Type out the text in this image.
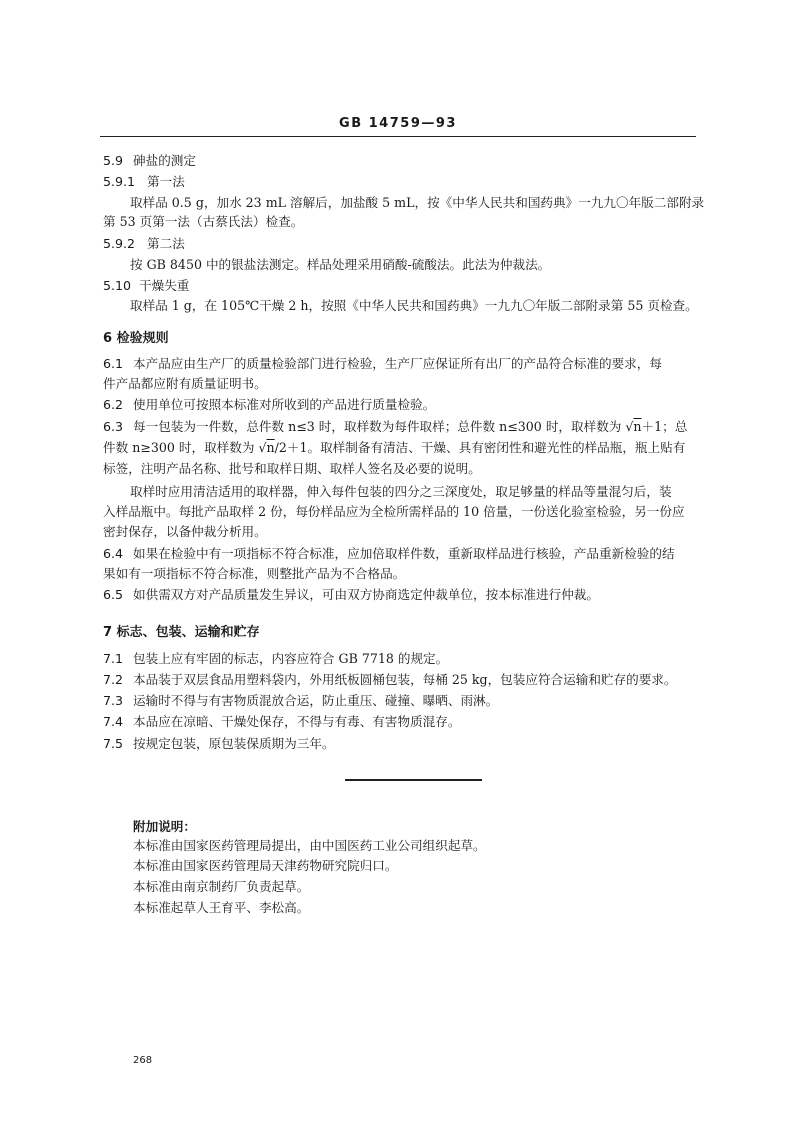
GB 14759—93
5.9 砷盐的测定
5.9.1 第一法
取样品 0.5 g，加水 23 mL 溶解后，加盐酸 5 mL，按《中华人民共和国药典》一九九〇年版二部附录
第 53 页第一法（古蔡氏法）检查。
5.9.2 第二法
按 GB 8450 中的银盐法测定。样品处理采用硝酸-硫酸法。此法为仲裁法。
5.10 干燥失重
取样品 1 g，在 105℃干燥 2 h，按照《中华人民共和国药典》一九九〇年版二部附录第 55 页检查。
6 检验规则
6.1 本产品应由生产厂的质量检验部门进行检验，生产厂应保证所有出厂的产品符合标准的要求，每
件产品都应附有质量证明书。
6.2 使用单位可按照本标准对所收到的产品进行质量检验。
6.3 每一包装为一件数，总件数 n≤3 时，取样数为每件取样；总件数 n≤300 时，取样数为 √n＋1；总
件数 n≥300 时，取样数为 √n/2＋1。取样制备有清洁、干燥、具有密闭性和避光性的样品瓶，瓶上贴有
标签，注明产品名称、批号和取样日期、取样人签名及必要的说明。
取样时应用清洁适用的取样器，伸入每件包装的四分之三深度处，取足够量的样品等量混匀后，装
入样品瓶中。每批产品取样 2 份，每份样品应为全检所需样品的 10 倍量，一份送化验室检验，另一份应
密封保存，以备仲裁分析用。
6.4 如果在检验中有一项指标不符合标准，应加倍取样件数，重新取样品进行核验，产品重新检验的结
果如有一项指标不符合标准，则整批产品为不合格品。
6.5 如供需双方对产品质量发生异议，可由双方协商选定仲裁单位，按本标准进行仲裁。
7 标志、包装、运输和贮存
7.1 包装上应有牢固的标志，内容应符合 GB 7718 的规定。
7.2 本品装于双层食品用塑料袋内，外用纸板圆桶包装，每桶 25 kg，包装应符合运输和贮存的要求。
7.3 运输时不得与有害物质混放合运，防止重压、碰撞、曝晒、雨淋。
7.4 本品应在凉暗、干燥处保存，不得与有毒、有害物质混存。
7.5 按规定包装，原包装保质期为三年。
附加说明：
本标准由国家医药管理局提出，由中国医药工业公司组织起草。
本标准由国家医药管理局天津药物研究院归口。
本标准由南京制药厂负责起草。
本标准起草人王育平、李松高。
268
